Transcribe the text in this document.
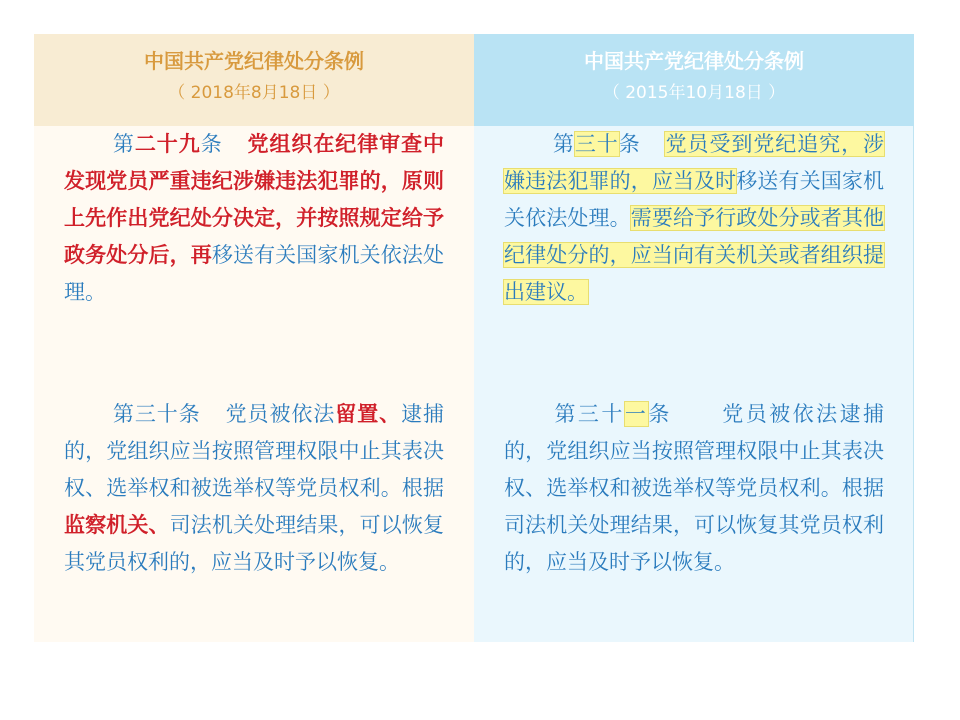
中国共产党纪律处分条例
（ 2018年8月18日 ）
第二十九条 党组织在纪律审查中发现党员严重违纪涉嫌违法犯罪的，原则上先作出党纪处分决定，并按照规定给予政务处分后，再移送有关国家机关依法处理。
第三十条 党员被依法留置、逮捕的，党组织应当按照管理权限中止其表决权、选举权和被选举权等党员权利。根据监察机关、司法机关处理结果，可以恢复其党员权利的，应当及时予以恢复。
中国共产党纪律处分条例
（ 2015年10月18日 ）
第三十条 党员受到党纪追究，涉嫌违法犯罪的，应当及时移送有关国家机关依法处理。需要给予行政处分或者其他纪律处分的，应当向有关机关或者组织提出建议。
第三十一条 党员被依法逮捕的，党组织应当按照管理权限中止其表决权、选举权和被选举权等党员权利。根据司法机关处理结果，可以恢复其党员权利的，应当及时予以恢复。
